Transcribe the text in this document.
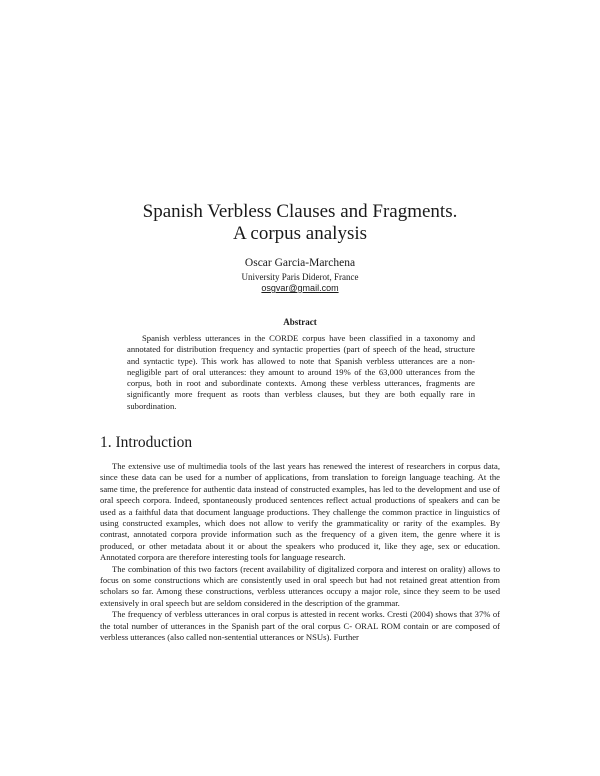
Spanish Verbless Clauses and Fragments.
A corpus analysis
Oscar Garcia-Marchena
University Paris Diderot, France
osgvar@gmail.com
Abstract

Spanish verbless utterances in the CORDE corpus have been classified in a taxonomy and annotated for distribution frequency and syntactic properties (part of speech of the head, structure and syntactic type). This work has allowed to note that Spanish verbless utterances are a non-negligible part of oral utterances: they amount to around 19% of the 63,000 utterances from the corpus, both in root and subordinate contexts. Among these verbless utterances, fragments are significantly more frequent as roots than verbless clauses, but they are both equally rare in subordination.

1. Introduction

The extensive use of multimedia tools of the last years has renewed the interest of researchers in corpus data, since these data can be used for a number of applications, from translation to foreign language teaching. At the same time, the preference for authentic data instead of constructed examples, has led to the development and use of oral speech corpora. Indeed, spontaneously produced sentences reflect actual productions of speakers and can be used as a faithful data that document language productions. They challenge the common practice in linguistics of using constructed examples, which does not allow to verify the grammaticality or rarity of the examples. By contrast, annotated corpora provide information such as the frequency of a given item, the genre where it is produced, or other metadata about it or about the speakers who produced it, like they age, sex or education. Annotated corpora are therefore interesting tools for language research.

The combination of this two factors (recent availability of digitalized corpora and interest on orality) allows to focus on some constructions which are consistently used in oral speech but had not retained great attention from scholars so far. Among these constructions, verbless utterances occupy a major role, since they seem to be used extensively in oral speech but are seldom considered in the description of the grammar.

The frequency of verbless utterances in oral corpus is attested in recent works. Cresti (2004) shows that 37% of the total number of utterances in the Spanish part of the oral corpus C- ORAL ROM contain or are composed of verbless utterances (also called non-sentential utterances or NSUs). Further
